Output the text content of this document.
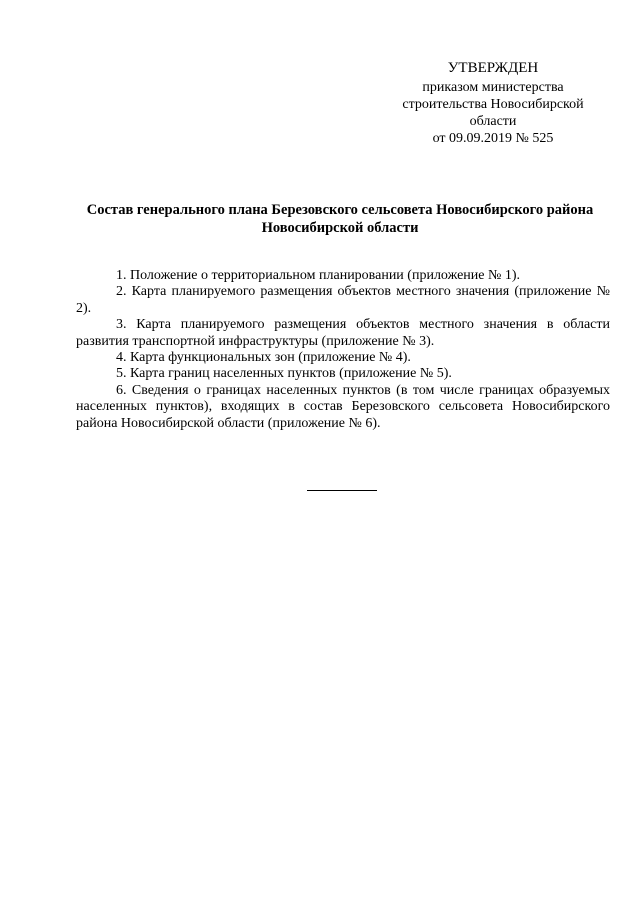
УТВЕРЖДЕН
приказом министерства
строительства Новосибирской
области
от 09.09.2019 № 525
Состав генерального плана Березовского сельсовета Новосибирского района
Новосибирской области

1. Положение о территориальном планировании (приложение № 1).

2. Карта планируемого размещения объектов местного значения (приложение № 2).

3. Карта планируемого размещения объектов местного значения в области развития транспортной инфраструктуры (приложение № 3).

4. Карта функциональных зон (приложение № 4).

5. Карта границ населенных пунктов (приложение № 5).

6. Сведения о границах населенных пунктов (в том числе границах образуемых населенных пунктов), входящих в состав Березовского сельсовета Новосибирского района Новосибирской области (приложение № 6).
